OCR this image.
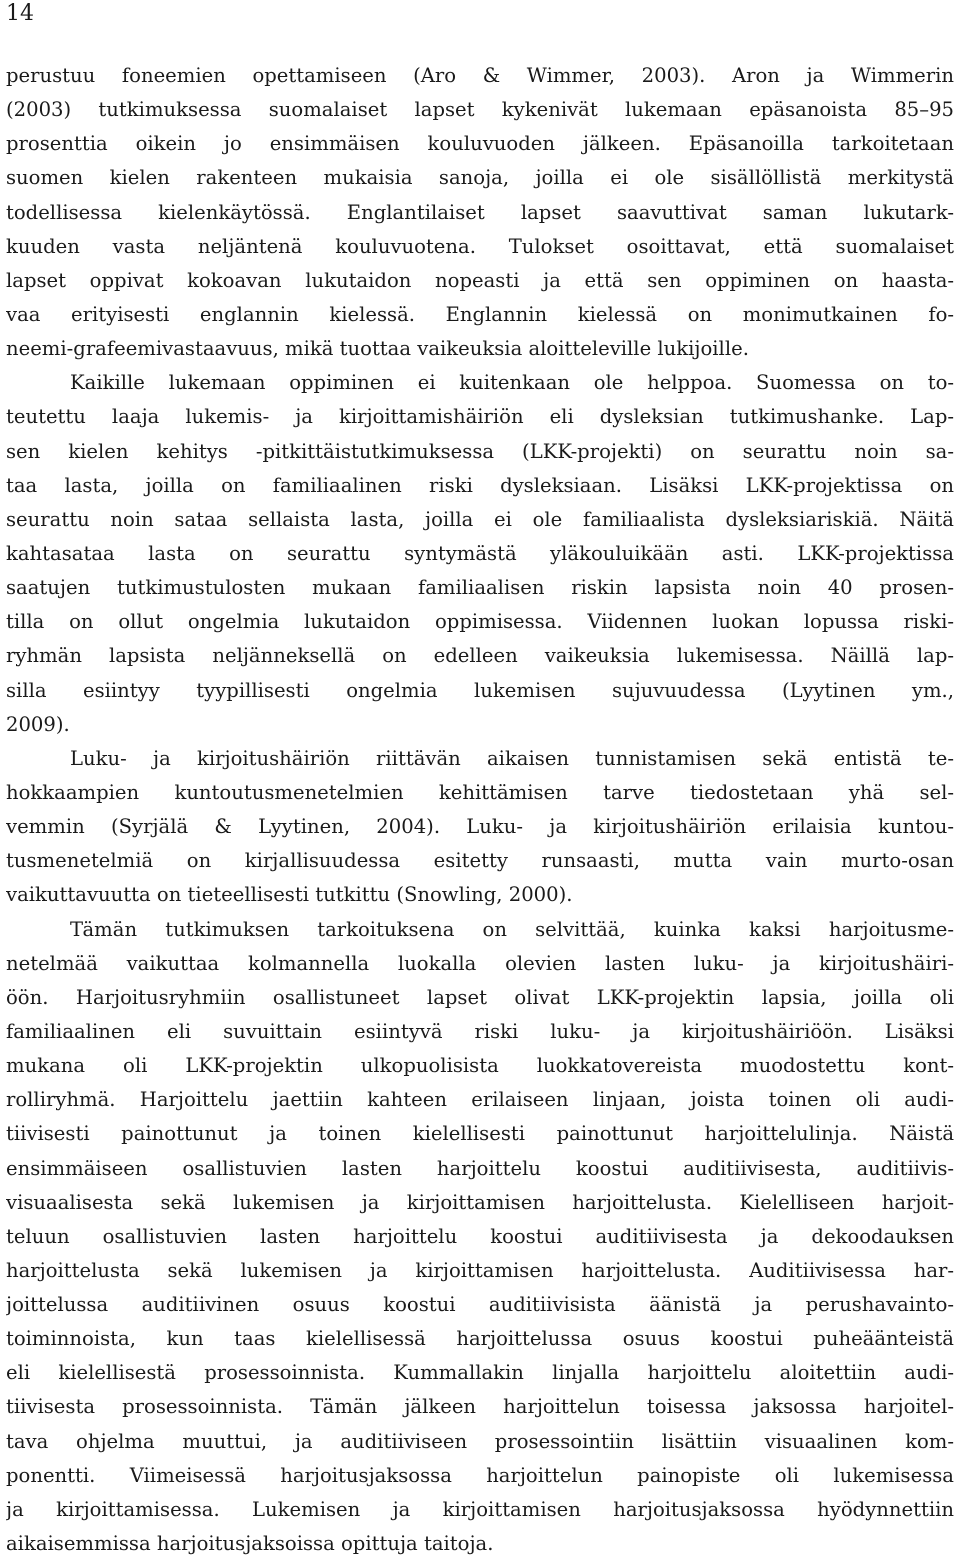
14
perustuu foneemien opettamiseen (Aro & Wimmer, 2003). Aron ja Wimmerin
(2003) tutkimuksessa suomalaiset lapset kykenivät lukemaan epäsanoista 85–95
prosenttia oikein jo ensimmäisen kouluvuoden jälkeen. Epäsanoilla tarkoitetaan
suomen kielen rakenteen mukaisia sanoja, joilla ei ole sisällöllistä merkitystä
todellisessa kielenkäytössä. Englantilaiset lapset saavuttivat saman lukutark-
kuuden vasta neljäntenä kouluvuotena. Tulokset osoittavat, että suomalaiset
lapset oppivat kokoavan lukutaidon nopeasti ja että sen oppiminen on haasta-
vaa erityisesti englannin kielessä. Englannin kielessä on monimutkainen fo-
neemi-grafeemivastaavuus, mikä tuottaa vaikeuksia aloitteleville lukijoille.
Kaikille lukemaan oppiminen ei kuitenkaan ole helppoa. Suomessa on to-
teutettu laaja lukemis- ja kirjoittamishäiriön eli dysleksian tutkimushanke. Lap-
sen kielen kehitys -pitkittäistutkimuksessa (LKK-projekti) on seurattu noin sa-
taa lasta, joilla on familiaalinen riski dysleksiaan. Lisäksi LKK-projektissa on
seurattu noin sataa sellaista lasta, joilla ei ole familiaalista dysleksiariskiä. Näitä
kahtasataa lasta on seurattu syntymästä yläkouluikään asti. LKK-projektissa
saatujen tutkimustulosten mukaan familiaalisen riskin lapsista noin 40 prosen-
tilla on ollut ongelmia lukutaidon oppimisessa. Viidennen luokan lopussa riski-
ryhmän lapsista neljänneksellä on edelleen vaikeuksia lukemisessa. Näillä lap-
silla esiintyy tyypillisesti ongelmia lukemisen sujuvuudessa (Lyytinen ym.,
2009).
Luku- ja kirjoitushäiriön riittävän aikaisen tunnistamisen sekä entistä te-
hokkaampien kuntoutusmenetelmien kehittämisen tarve tiedostetaan yhä sel-
vemmin (Syrjälä & Lyytinen, 2004). Luku- ja kirjoitushäiriön erilaisia kuntou-
tusmenetelmiä on kirjallisuudessa esitetty runsaasti, mutta vain murto-osan
vaikuttavuutta on tieteellisesti tutkittu (Snowling, 2000).
Tämän tutkimuksen tarkoituksena on selvittää, kuinka kaksi harjoitusme-
netelmää vaikuttaa kolmannella luokalla olevien lasten luku- ja kirjoitushäiri-
öön. Harjoitusryhmiin osallistuneet lapset olivat LKK-projektin lapsia, joilla oli
familiaalinen eli suvuittain esiintyvä riski luku- ja kirjoitushäiriöön. Lisäksi
mukana oli LKK-projektin ulkopuolisista luokkatovereista muodostettu kont-
rolliryhmä. Harjoittelu jaettiin kahteen erilaiseen linjaan, joista toinen oli audi-
tiivisesti painottunut ja toinen kielellisesti painottunut harjoittelulinja. Näistä
ensimmäiseen osallistuvien lasten harjoittelu koostui auditiivisesta, auditiivis-
visuaalisesta sekä lukemisen ja kirjoittamisen harjoittelusta. Kielelliseen harjoit-
teluun osallistuvien lasten harjoittelu koostui auditiivisesta ja dekoodauksen
harjoittelusta sekä lukemisen ja kirjoittamisen harjoittelusta. Auditiivisessa har-
joittelussa auditiivinen osuus koostui auditiivisista äänistä ja perushavainto-
toiminnoista, kun taas kielellisessä harjoittelussa osuus koostui puheäänteistä
eli kielellisestä prosessoinnista. Kummallakin linjalla harjoittelu aloitettiin audi-
tiivisesta prosessoinnista. Tämän jälkeen harjoittelun toisessa jaksossa harjoitel-
tava ohjelma muuttui, ja auditiiviseen prosessointiin lisättiin visuaalinen kom-
ponentti. Viimeisessä harjoitusjaksossa harjoittelun painopiste oli lukemisessa
ja kirjoittamisessa. Lukemisen ja kirjoittamisen harjoitusjaksossa hyödynnettiin
aikaisemmissa harjoitusjaksoissa opittuja taitoja.
